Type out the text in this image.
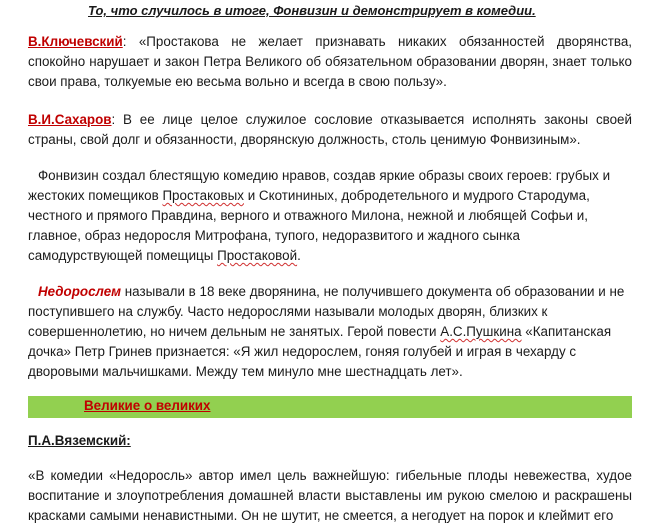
То, что случилось в итоге, Фонвизин и демонстрирует в комедии.
В.Ключевский: «Простакова не желает признавать никаких обязанностей дворянства, спокойно нарушает и закон Петра Великого об обязательном образовании дворян, знает только свои права, толкуемые ею весьма вольно и всегда в свою пользу».
В.И.Сахаров: В ее лице целое служилое сословие отказывается исполнять законы своей страны, свой долг и обязанности, дворянскую должность, столь ценимую Фонвизиным».
Фонвизин создал блестящую комедию нравов, создав яркие образы своих героев: грубых и жестоких помещиков Простаковых и Скотининых, добродетельного и мудрого Стародума, честного и прямого Правдина, верного и отважного Милона, нежной и любящей Софьи и, главное, образ недоросля Митрофана, тупого, недоразвитого и жадного сынка самодурствующей помещицы Простаковой.
Недорослем называли в 18 веке дворянина, не получившего документа об образовании и не поступившего на службу. Часто недорослями называли молодых дворян, близких к совершеннолетию, но ничем дельным не занятых. Герой повести А.С.Пушкина «Капитанская дочка» Петр Гринев признается: «Я жил недорослем, гоняя голубей и играя в чехарду с дворовыми мальчишками. Между тем минуло мне шестнадцать лет».
Великие о великих
П.А.Вяземский:
«В комедии «Недоросль» автор имел цель важнейшую: гибельные плоды невежества, худое воспитание и злоупотребления домашней власти выставлены им рукою смелою и раскрашены красками самыми ненавистными. Он не шутит, не смеется, а негодует на порок и клеймит его
